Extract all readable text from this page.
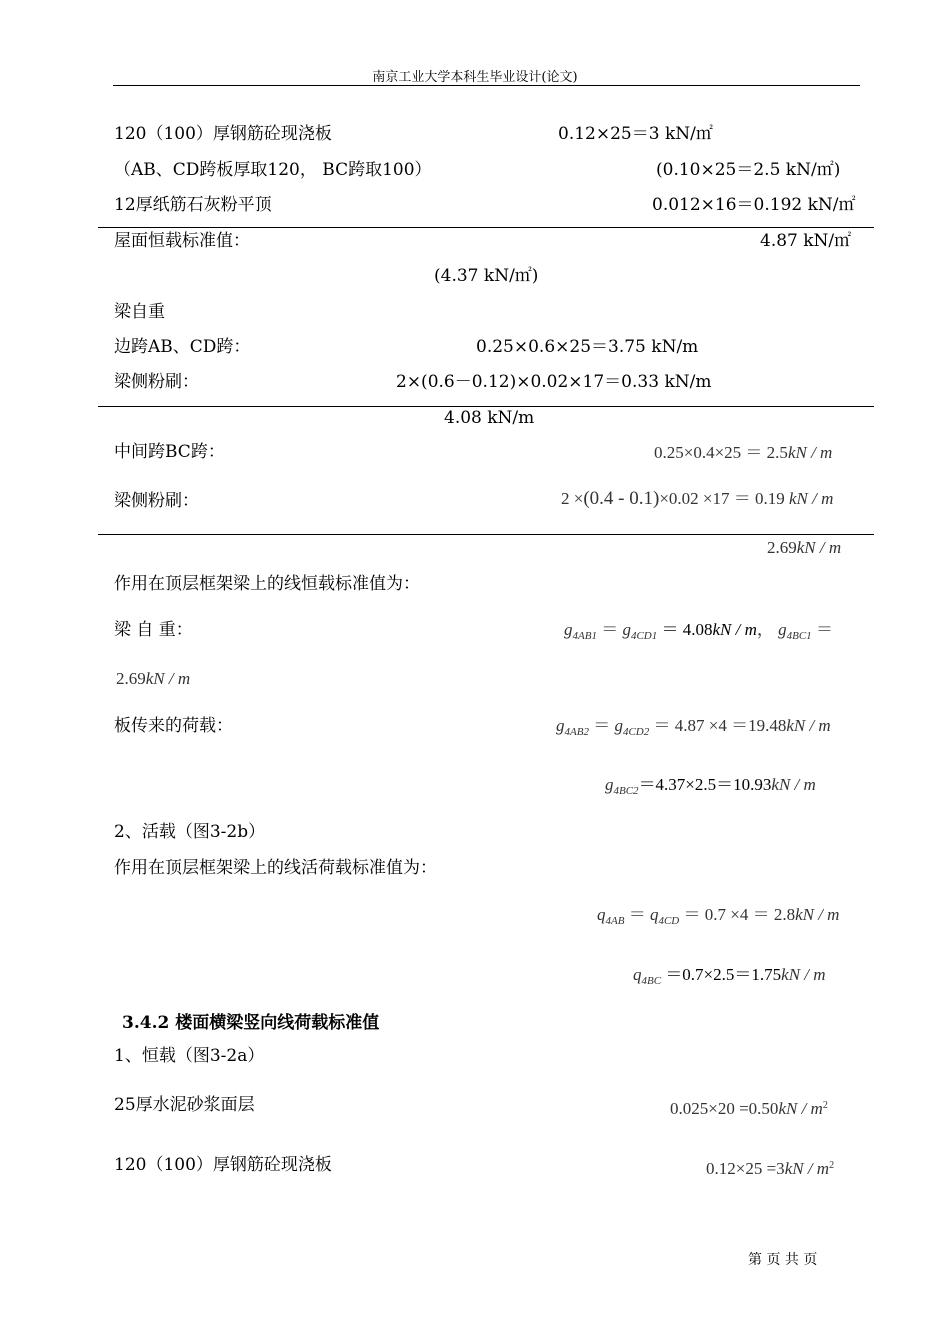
南京工业大学本科生毕业设计(论文)
120（100）厚钢筋砼现浇板	0.12×25＝3 kN/㎡
（AB、CD跨板厚取120， BC跨取100）	(0.10×25＝2.5 kN/㎡)
12厚纸筋石灰粉平顶	0.012×16＝0.192 kN/㎡
屋面恒载标准值：	4.87 kN/㎡
(4.37 kN/㎡)
梁自重
边跨AB、CD跨：	0.25×0.6×25＝3.75 kN/m
梁侧粉刷：	2×(0.6－0.12)×0.02×17＝0.33 kN/m
4.08 kN/m
中间跨BC跨：	0.25×0.4×25 ＝ 2.5kN / m
梁侧粉刷：	2 ×(0.4 - 0.1)×0.02 ×17 ＝ 0.19 kN / m
2.69kN / m
作用在顶层框架梁上的线恒载标准值为：
梁 自 重：	$g_{4AB1} = g_{4CD1} = 4.08kN / m$， $g_{4BC1}$ ＝
2.69kN / m
板传来的荷载：	$g_{4AB2} = g_{4CD2} = 4.87 \times 4 =19.48kN / m$
$g_{4BC2}=4.37\times 2.5=10.93kN / m$
2、活载（图3-2b）
作用在顶层框架梁上的线活荷载标准值为：
$q_{4AB} = q_{4CD} = 0.7 \times 4 = 2.8kN / m$
$q_{4BC} =0.7\times 2.5=1.75kN / m$
3.4.2 楼面横梁竖向线荷载标准值
1、恒载（图3-2a）
25厚水泥砂浆面层	$0.025\times 20 =0.50kN / m^2$
120（100）厚钢筋砼现浇板	$0.12\times 25 =3kN / m^2$
第 页 共 页
